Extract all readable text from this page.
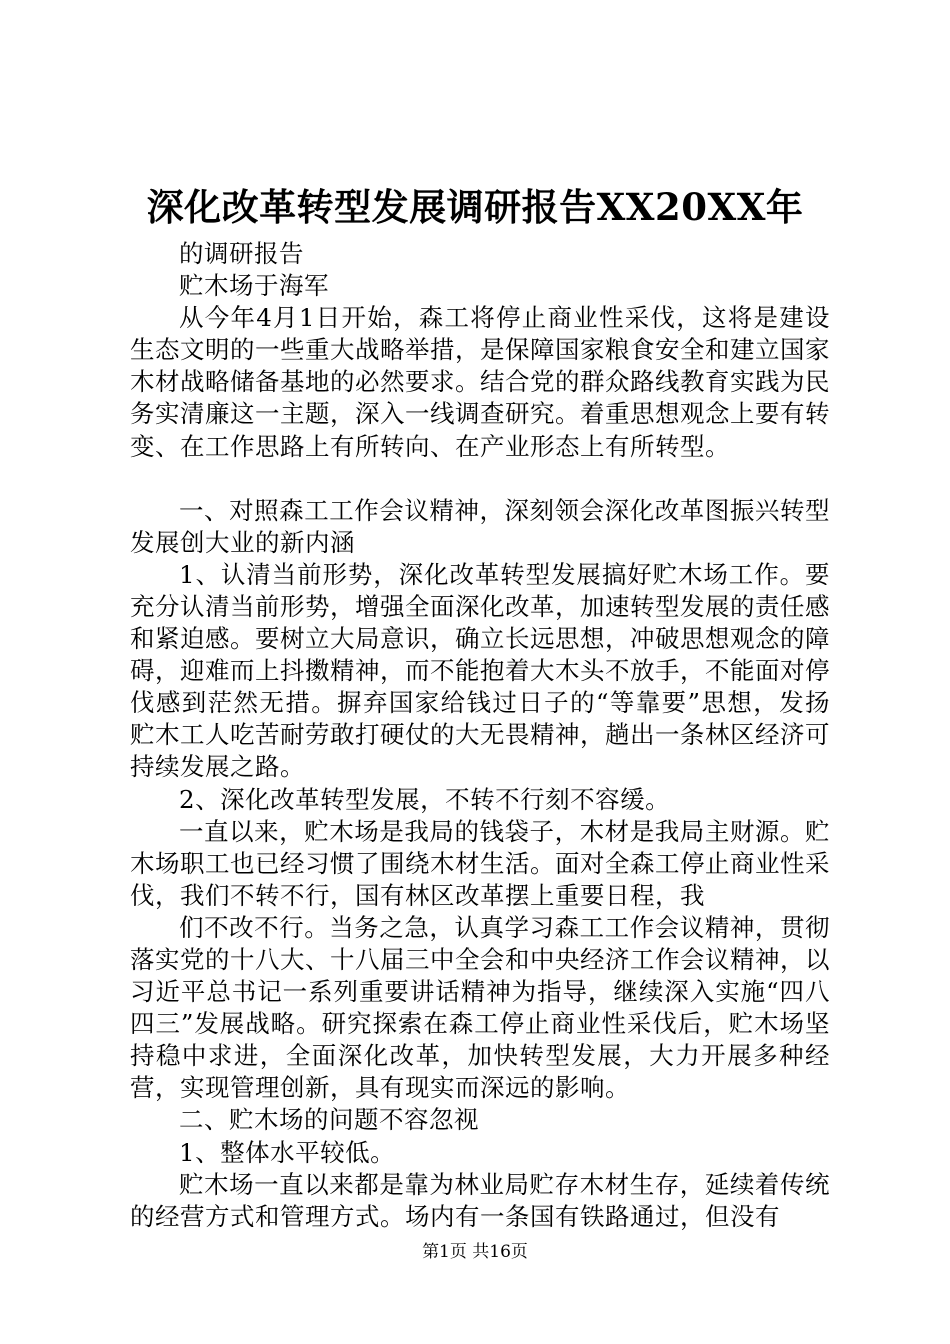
深化改革转型发展调研报告XX20XX年

的调研报告

贮木场于海军

从今年4月1日开始，森工将停止商业性采伐，这将是建设生态文明的一些重大战略举措，是保障国家粮食安全和建立国家木材战略储备基地的必然要求。结合党的群众路线教育实践为民务实清廉这一主题，深入一线调查研究。着重思想观念上要有转变、在工作思路上有所转向、在产业形态上有所转型。

一、对照森工工作会议精神，深刻领会深化改革图振兴转型发展创大业的新内涵

1、认清当前形势，深化改革转型发展搞好贮木场工作。要充分认清当前形势，增强全面深化改革，加速转型发展的责任感和紧迫感。要树立大局意识，确立长远思想，冲破思想观念的障碍，迎难而上抖擞精神，而不能抱着大木头不放手，不能面对停伐感到茫然无措。摒弃国家给钱过日子的“等靠要”思想，发扬贮木工人吃苦耐劳敢打硬仗的大无畏精神，趟出一条林区经济可持续发展之路。

2、深化改革转型发展，不转不行刻不容缓。

一直以来，贮木场是我局的钱袋子，木材是我局主财源。贮木场职工也已经习惯了围绕木材生活。面对全森工停止商业性采伐，我们不转不行，国有林区改革摆上重要日程，我

们不改不行。当务之急，认真学习森工工作会议精神，贯彻落实党的十八大、十八届三中全会和中央经济工作会议精神，以习近平总书记一系列重要讲话精神为指导，继续深入实施“四八四三”发展战略。研究探索在森工停止商业性采伐后，贮木场坚持稳中求进，全面深化改革，加快转型发展，大力开展多种经营，实现管理创新，具有现实而深远的影响。

二、贮木场的问题不容忽视

1、整体水平较低。

贮木场一直以来都是靠为林业局贮存木材生存，延续着传统的经营方式和管理方式。场内有一条国有铁路通过，但没有

第1页 共16页
